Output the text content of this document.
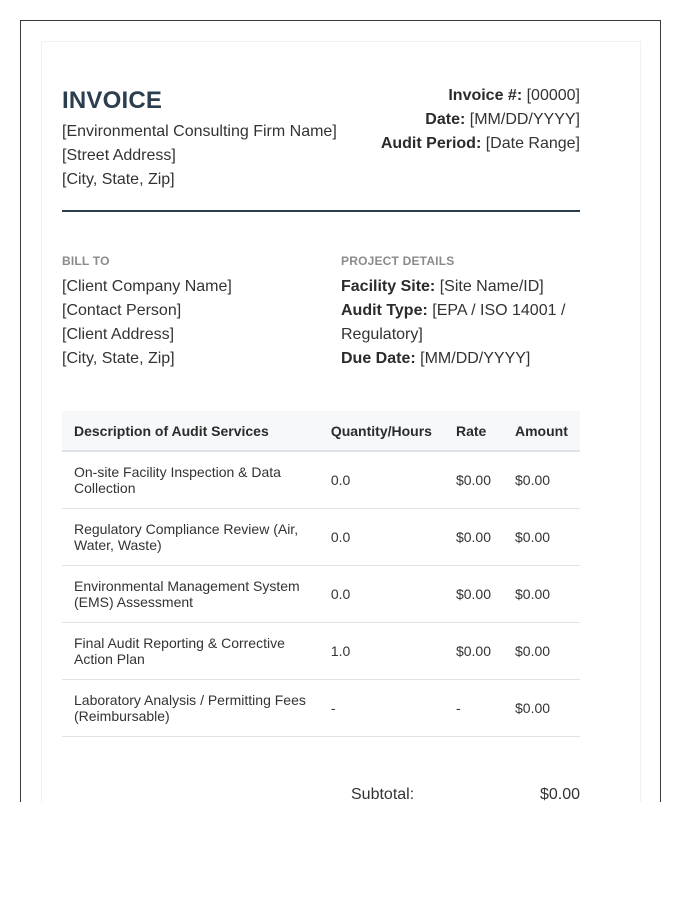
INVOICE
[Environmental Consulting Firm Name]
[Street Address]
[City, State, Zip]
Invoice #: [00000]
Date: [MM/DD/YYYY]
Audit Period: [Date Range]
BILL TO
[Client Company Name]
[Contact Person]
[Client Address]
[City, State, Zip]
PROJECT DETAILS
Facility Site: [Site Name/ID]
Audit Type: [EPA / ISO 14001 / Regulatory]
Due Date: [MM/DD/YYYY]
Description of Audit Services	Quantity/Hours	Rate	Amount
On-site Facility Inspection & Data Collection	0.0	$0.00	$0.00
Regulatory Compliance Review (Air, Water, Waste)	0.0	$0.00	$0.00
Environmental Management System (EMS) Assessment	0.0	$0.00	$0.00
Final Audit Reporting & Corrective Action Plan	1.0	$0.00	$0.00
Laboratory Analysis / Permitting Fees (Reimbursable)	-	-	$0.00
Subtotal:	$0.00
